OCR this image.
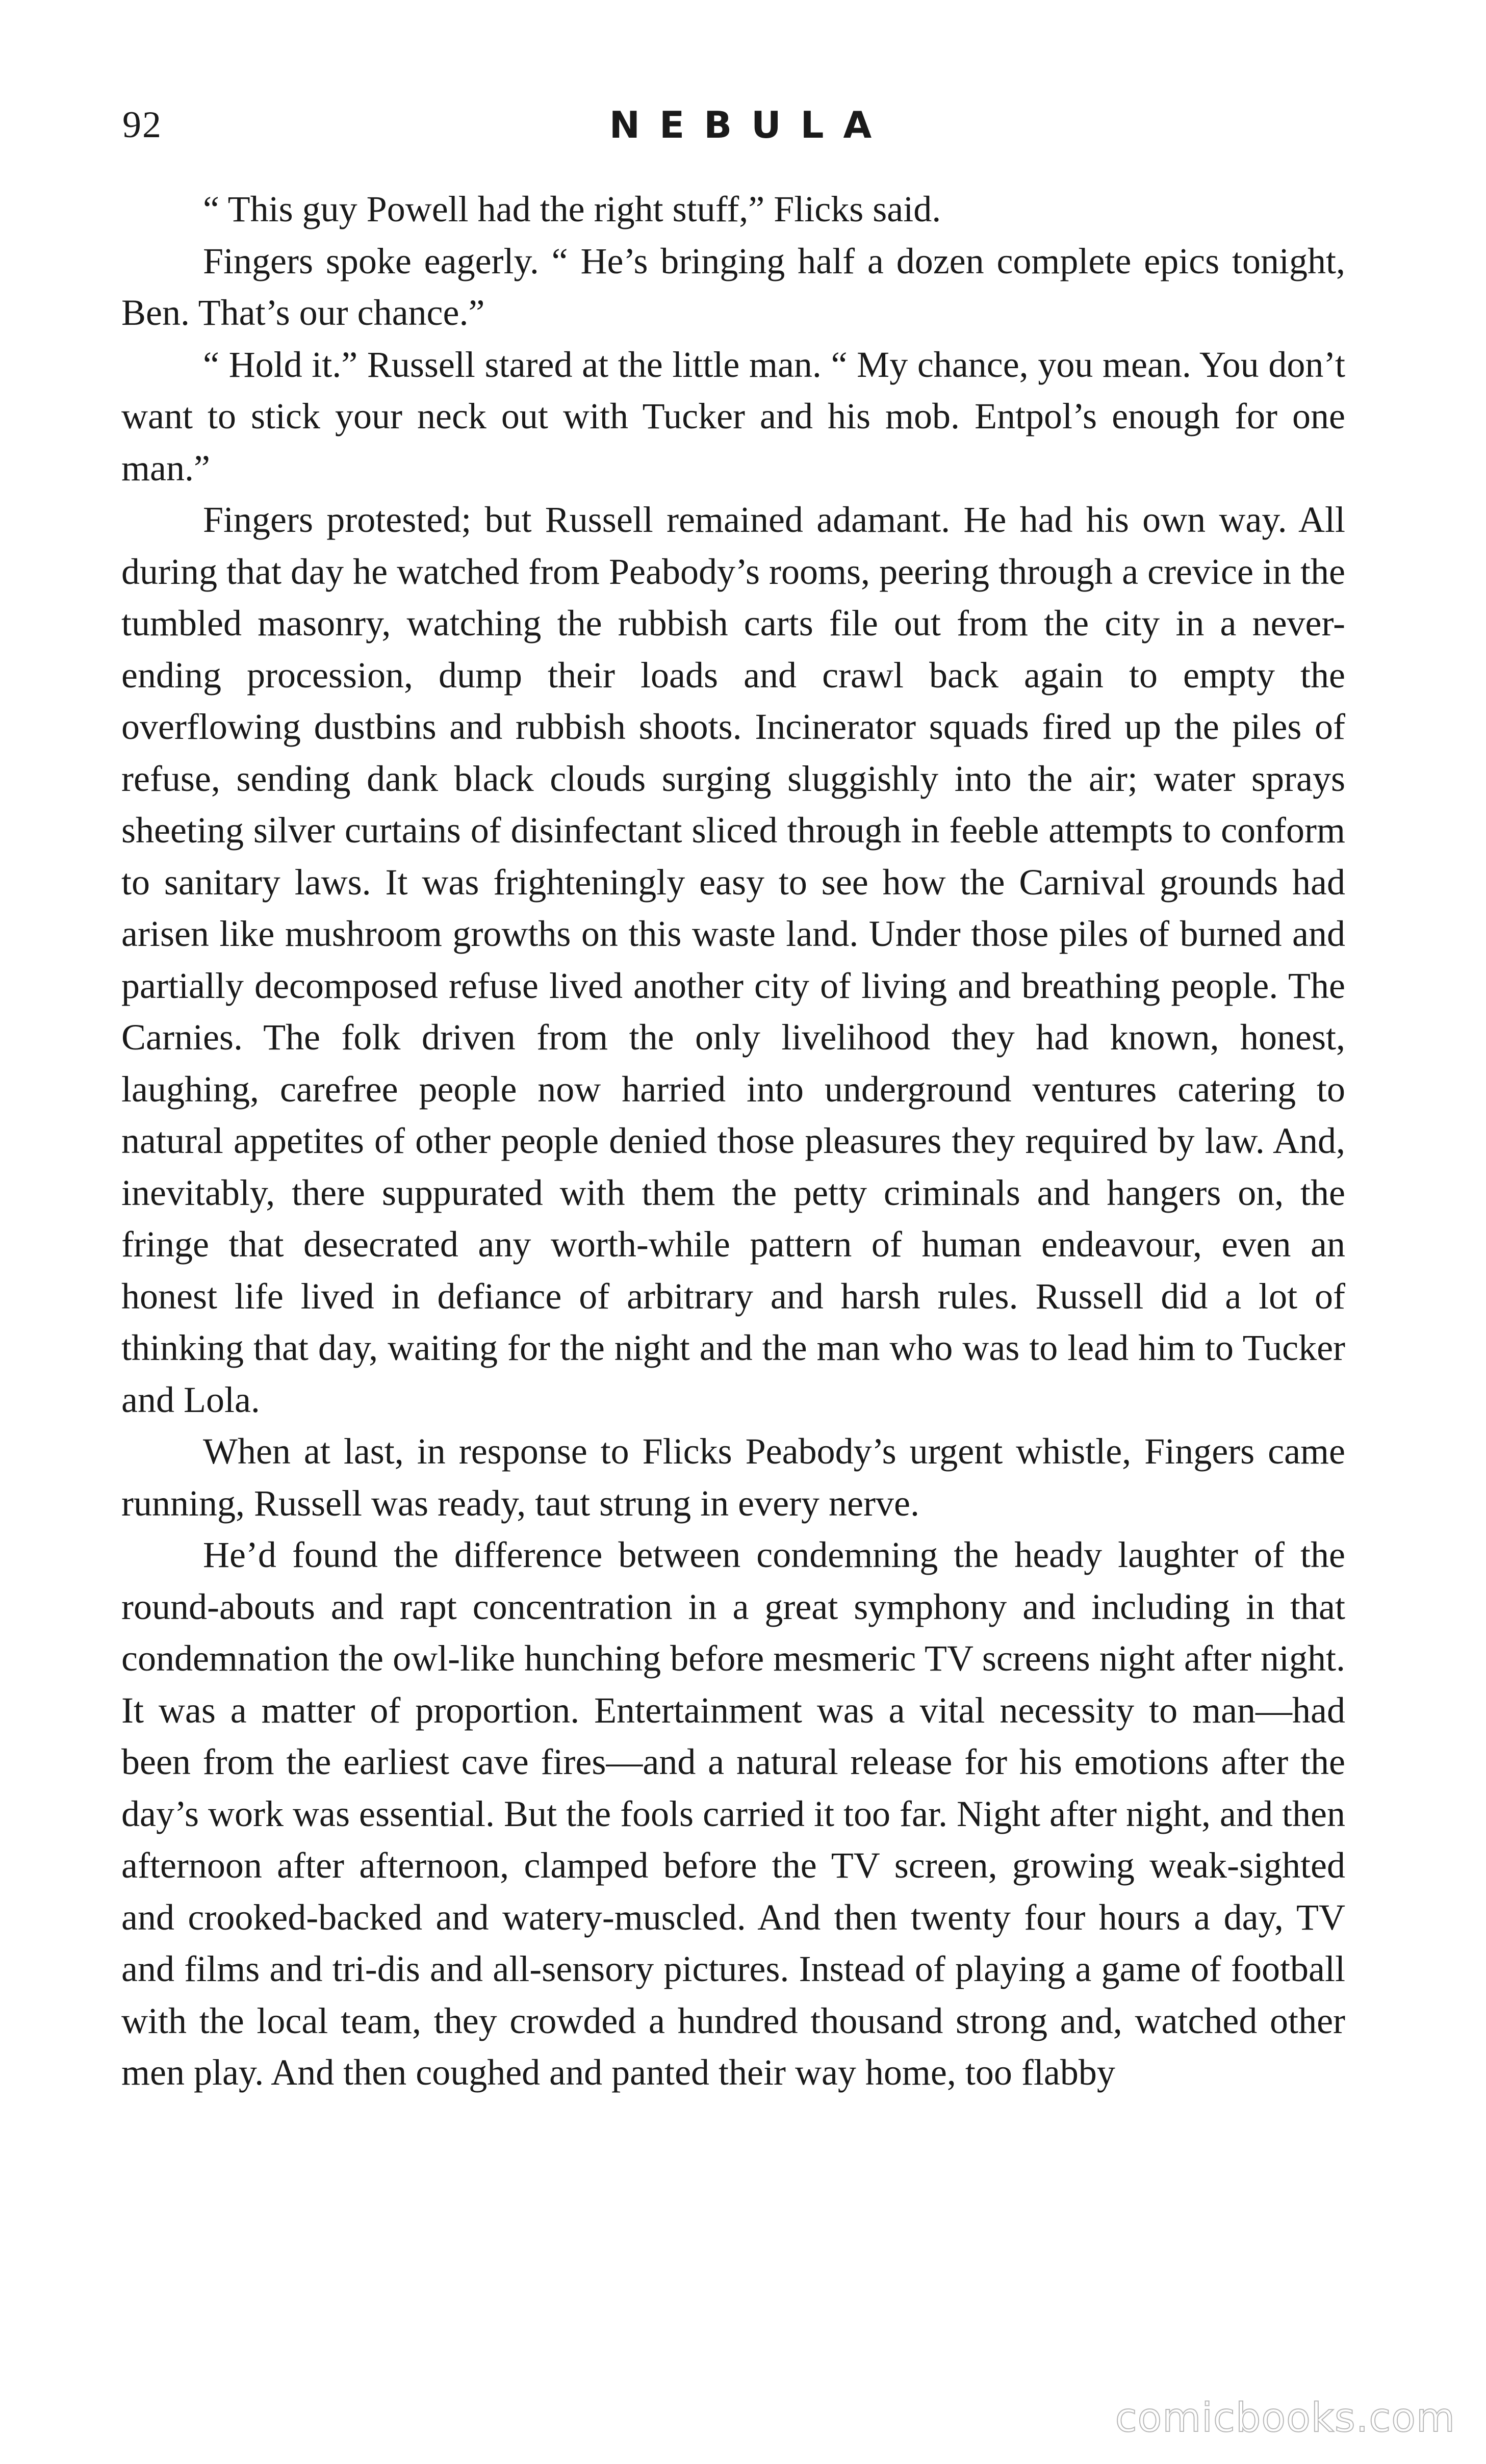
92	NEBULA

“ This guy Powell had the right stuff,” Flicks said.

Fingers spoke eagerly. “ He’s bringing half a dozen complete epics tonight, Ben. That’s our chance.”

“ Hold it.” Russell stared at the little man. “ My chance, you mean. You don’t want to stick your neck out with Tucker and his mob. Entpol’s enough for one man.”

Fingers protested; but Russell remained adamant. He had his own way. All during that day he watched from Peabody’s rooms, peering through a crevice in the tumbled masonry, watching the rubbish carts file out from the city in a never-ending procession, dump their loads and crawl back again to empty the overflowing dustbins and rubbish shoots. Incinerator squads fired up the piles of refuse, sending dank black clouds surging sluggishly into the air; water sprays sheeting silver curtains of disinfectant sliced through in feeble attempts to conform to sanitary laws. It was frighteningly easy to see how the Carnival grounds had arisen like mushroom growths on this waste land. Under those piles of burned and partially decomposed refuse lived another city of living and breathing people. The Carnies. The folk driven from the only livelihood they had known, honest, laughing, carefree people now harried into underground ventures catering to natural appetites of other people denied those pleasures they required by law. And, inevitably, there suppurated with them the petty criminals and hangers on, the fringe that desecrated any worth-while pattern of human endeavour, even an honest life lived in defiance of arbitrary and harsh rules. Russell did a lot of thinking that day, waiting for the night and the man who was to lead him to Tucker and Lola.

When at last, in response to Flicks Peabody’s urgent whistle, Fingers came running, Russell was ready, taut strung in every nerve.

He’d found the difference between condemning the heady laughter of the round-abouts and rapt concentration in a great symphony and including in that condemnation the owl-like hunching before mesmeric TV screens night after night. It was a matter of proportion. Entertainment was a vital necessity to man—had been from the earliest cave fires—and a natural release for his emotions after the day’s work was essential. But the fools carried it too far. Night after night, and then afternoon after afternoon, clamped before the TV screen, growing weak-sighted and crooked-backed and watery-muscled. And then twenty four hours a day, TV and films and tri-dis and all-sensory pictures. Instead of playing a game of football with the local team, they crowded a hundred thousand strong and, watched other men play. And then coughed and panted their way home, too flabby

comicbooks.com
